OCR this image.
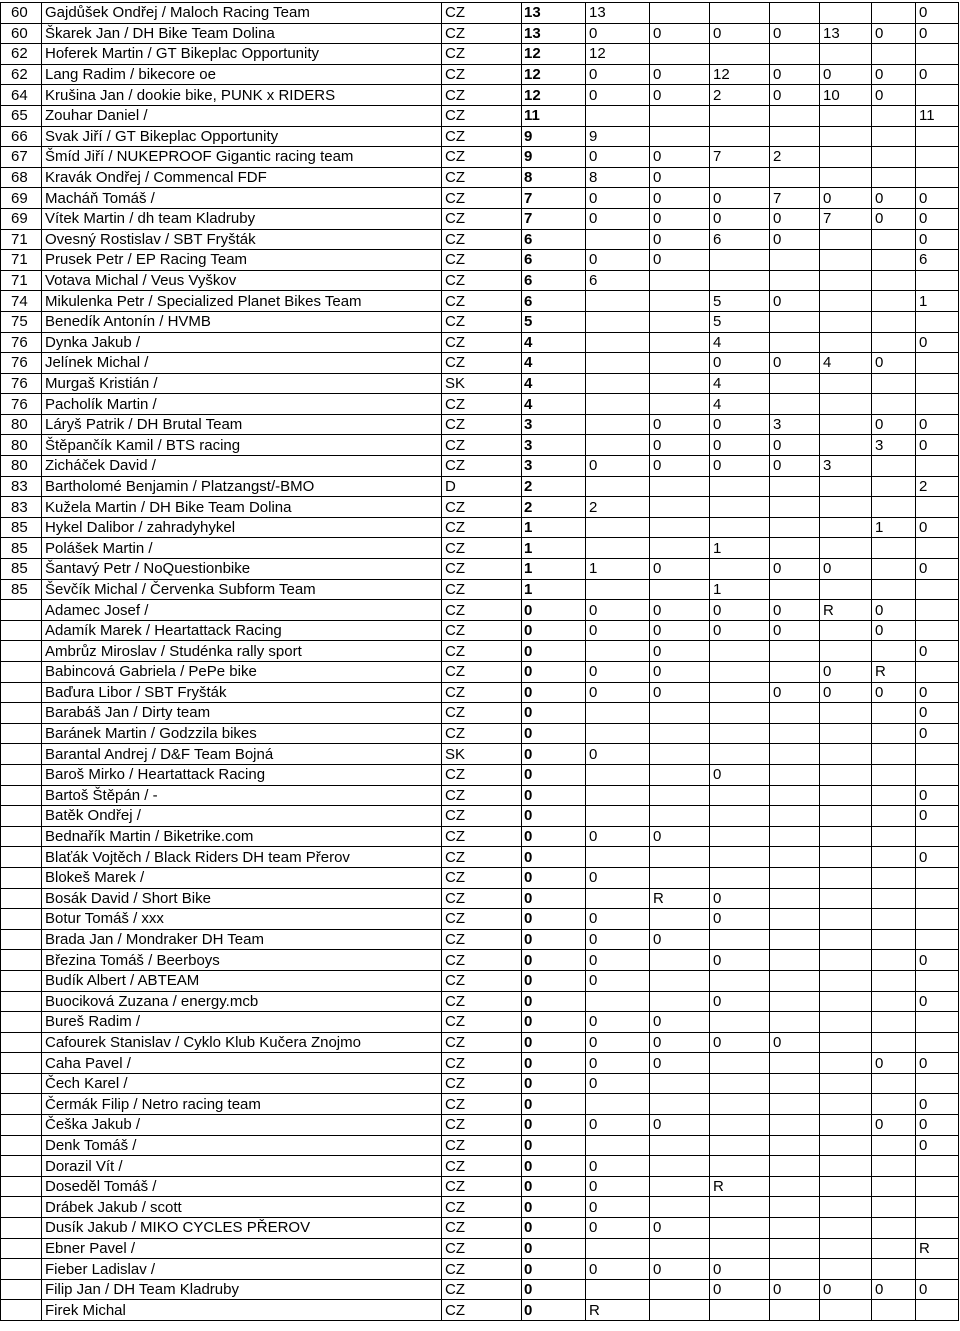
60	Gajdůšek Ondřej / Maloch Racing Team	CZ	13	13						0
60	Škarek Jan / DH Bike Team Dolina	CZ	13	0	0	0	0	13	0	0
62	Hoferek Martin / GT Bikeplac Opportunity	CZ	12	12						
62	Lang Radim / bikecore oe	CZ	12	0	0	12	0	0	0	0
64	Krušina Jan / dookie bike, PUNK x RIDERS	CZ	12	0	0	2	0	10	0	
65	Zouhar Daniel /	CZ	11							11
66	Svak Jiří / GT Bikeplac Opportunity	CZ	9	9						
67	Šmíd Jiří / NUKEPROOF Gigantic racing team	CZ	9	0	0	7	2			
68	Kravák Ondřej / Commencal FDF	CZ	8	8	0					
69	Macháň Tomáš /	CZ	7	0	0	0	7	0	0	0
69	Vítek Martin / dh team Kladruby	CZ	7	0	0	0	0	7	0	0
71	Ovesný Rostislav / SBT Fryšták	CZ	6		0	6	0			0
71	Prusek Petr / EP Racing Team	CZ	6	0	0					6
71	Votava Michal / Veus Vyškov	CZ	6	6						
74	Mikulenka Petr / Specialized Planet Bikes Team	CZ	6			5	0			1
75	Benedík Antonín / HVMB	CZ	5			5				
76	Dynka Jakub /	CZ	4			4				0
76	Jelínek Michal /	CZ	4			0	0	4	0	
76	Murgaš Kristián /	SK	4			4				
76	Pacholík Martin /	CZ	4			4				
80	Láryš Patrik / DH Brutal Team	CZ	3		0	0	3		0	0
80	Štěpančík Kamil / BTS racing	CZ	3		0	0	0		3	0
80	Zicháček David /	CZ	3	0	0	0	0	3		
83	Bartholomé Benjamin / Platzangst/-BMO	D	2							2
83	Kužela Martin / DH Bike Team Dolina	CZ	2	2						
85	Hykel Dalibor / zahradyhykel	CZ	1						1	0
85	Polášek Martin /	CZ	1			1				
85	Šantavý Petr / NoQuestionbike	CZ	1	1	0		0	0		0
85	Ševčík Michal / Červenka Subform Team	CZ	1			1				
	Adamec Josef /	CZ	0	0	0	0	0	R	0	
	Adamík Marek / Heartattack Racing	CZ	0	0	0	0	0		0	
	Ambrůz Miroslav / Studénka rally sport	CZ	0		0					0
	Babincová Gabriela / PePe bike	CZ	0	0	0			0	R	
	Baďura Libor / SBT Fryšták	CZ	0	0	0		0	0	0	0
	Barabáš Jan / Dirty team	CZ	0							0
	Baránek Martin / Godzzila bikes	CZ	0							0
	Barantal Andrej / D&F Team Bojná	SK	0	0						
	Baroš Mirko / Heartattack Racing	CZ	0			0				
	Bartoš Štěpán / -	CZ	0							0
	Batěk Ondřej /	CZ	0							0
	Bednařík Martin / Biketrike.com	CZ	0	0	0					
	Blaťák Vojtěch / Black Riders DH team Přerov	CZ	0							0
	Blokeš Marek /	CZ	0	0						
	Bosák David / Short Bike	CZ	0		R	0				
	Botur Tomáš / xxx	CZ	0	0		0				
	Brada Jan / Mondraker DH Team	CZ	0	0	0					
	Březina Tomáš / Beerboys	CZ	0	0		0				0
	Budík Albert / ABTEAM	CZ	0	0						
	Buociková Zuzana / energy.mcb	CZ	0			0				0
	Bureš Radim /	CZ	0	0	0					
	Cafourek Stanislav / Cyklo Klub Kučera Znojmo	CZ	0	0	0	0	0			
	Caha Pavel /	CZ	0	0	0				0	0
	Čech Karel /	CZ	0	0						
	Čermák Filip / Netro racing team	CZ	0							0
	Češka Jakub /	CZ	0	0	0				0	0
	Denk Tomáš /	CZ	0							0
	Dorazil Vít /	CZ	0	0						
	Doseděl Tomáš /	CZ	0	0		R				
	Drábek Jakub / scott	CZ	0	0						
	Dusík Jakub / MIKO CYCLES PŘEROV	CZ	0	0	0					
	Ebner Pavel /	CZ	0							R
	Fieber Ladislav /	CZ	0	0	0	0				
	Filip Jan / DH Team Kladruby	CZ	0			0	0	0	0	0
	Firek Michal	CZ	0	R						
